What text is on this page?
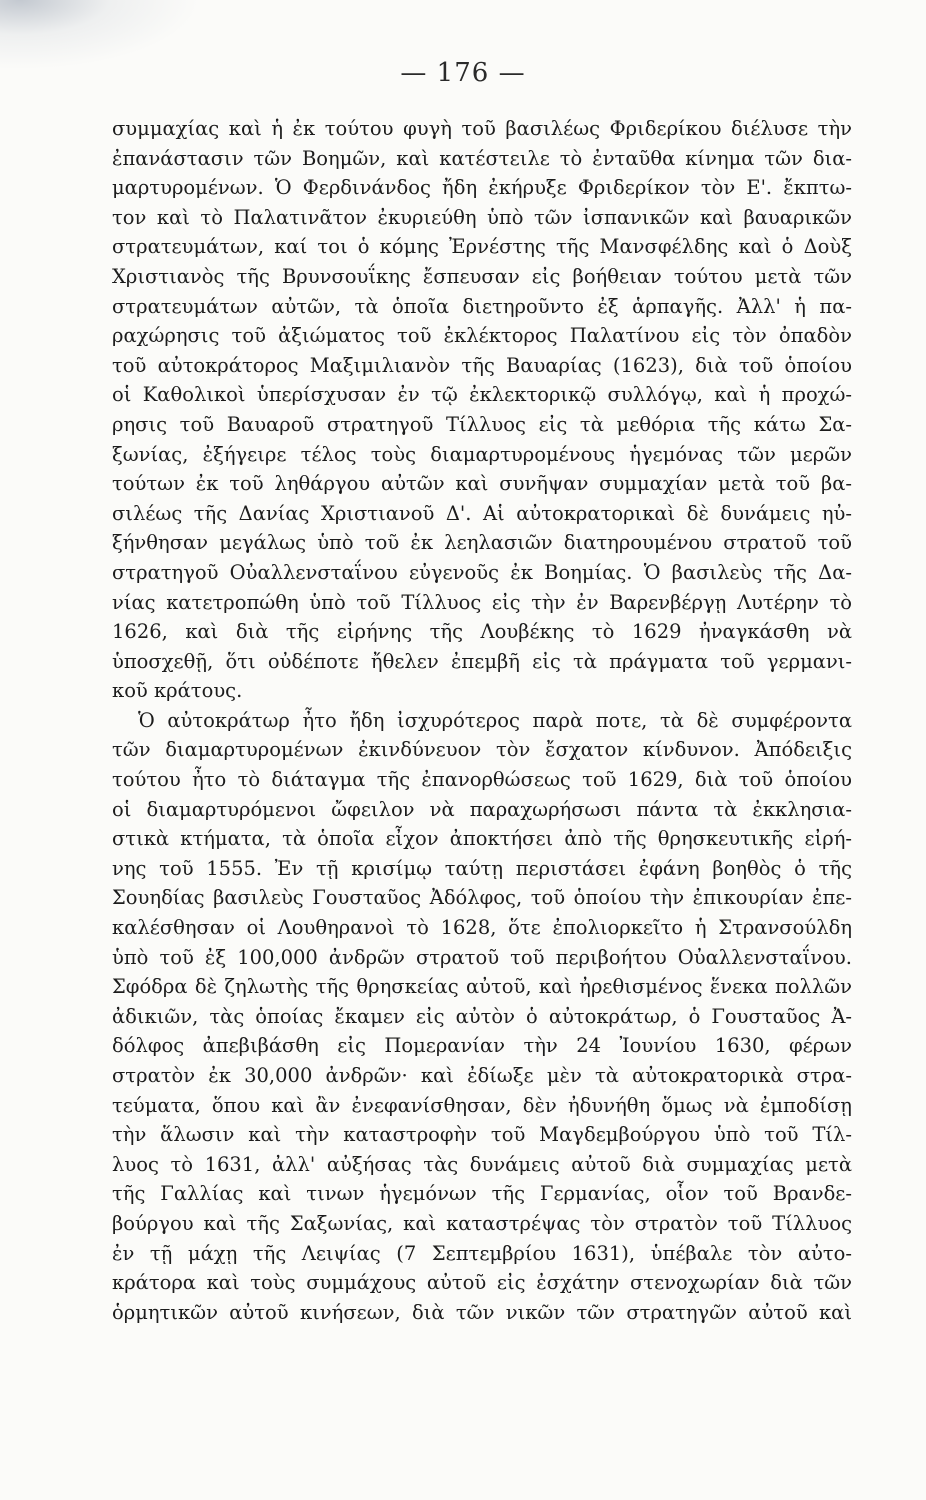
— 176 —
συμμαχίας καὶ ἡ ἐκ τούτου φυγὴ τοῦ βασιλέως Φριδερίκου διέλυσε τὴν
ἐπανάστασιν τῶν Βοημῶν, καὶ κατέστειλε τὸ ἐνταῦθα κίνημα τῶν δια-
μαρτυρομένων. Ὁ Φερδινάνδος ἤδη ἐκήρυξε Φριδερίκον τὸν Ε'. ἔκπτω-
τον καὶ τὸ Παλατινᾶτον ἐκυριεύθη ὑπὸ τῶν ἰσπανικῶν καὶ βαυαρικῶν
στρατευμάτων, καί τοι ὁ κόμης Ἐρνέστης τῆς Μανσφέλδης καὶ ὁ Δοὺξ
Χριστιανὸς τῆς Βρυνσουΐκης ἔσπευσαν εἰς βοήθειαν τούτου μετὰ τῶν
στρατευμάτων αὐτῶν, τὰ ὁποῖα διετηροῦντο ἐξ ἁρπαγῆς. Ἀλλ' ἡ πα-
ραχώρησις τοῦ ἀξιώματος τοῦ ἐκλέκτορος Παλατίνου εἰς τὸν ὀπαδὸν
τοῦ αὐτοκράτορος Μαξιμιλιανὸν τῆς Βαυαρίας (1623), διὰ τοῦ ὁποίου
οἱ Καθολικοὶ ὑπερίσχυσαν ἐν τῷ ἐκλεκτορικῷ συλλόγῳ, καὶ ἡ προχώ-
ρησις τοῦ Βαυαροῦ στρατηγοῦ Τίλλυος εἰς τὰ μεθόρια τῆς κάτω Σα-
ξωνίας, ἐξήγειρε τέλος τοὺς διαμαρτυρομένους ἡγεμόνας τῶν μερῶν
τούτων ἐκ τοῦ ληθάργου αὐτῶν καὶ συνῆψαν συμμαχίαν μετὰ τοῦ βα-
σιλέως τῆς Δανίας Χριστιανοῦ Δ'. Αἱ αὐτοκρατορικαὶ δὲ δυνάμεις ηὐ-
ξήνθησαν μεγάλως ὑπὸ τοῦ ἐκ λεηλασιῶν διατηρουμένου στρατοῦ τοῦ
στρατηγοῦ Οὐαλλενσταΐνου εὐγενοῦς ἐκ Βοημίας. Ὁ βασιλεὺς τῆς Δα-
νίας κατετροπώθη ὑπὸ τοῦ Τίλλυος εἰς τὴν ἐν Βαρενβέργῃ Λυτέρην τὸ
1626, καὶ διὰ τῆς εἰρήνης τῆς Λουβέκης τὸ 1629 ἠναγκάσθη νὰ
ὑποσχεθῇ, ὅτι οὐδέποτε ἤθελεν ἐπεμβῆ εἰς τὰ πράγματα τοῦ γερμανι-
κοῦ κράτους.
Ὁ αὐτοκράτωρ ἦτο ἤδη ἰσχυρότερος παρὰ ποτε, τὰ δὲ συμφέροντα
τῶν διαμαρτυρομένων ἐκινδύνευον τὸν ἔσχατον κίνδυνον. Ἀπόδειξις
τούτου ἦτο τὸ διάταγμα τῆς ἐπανορθώσεως τοῦ 1629, διὰ τοῦ ὁποίου
οἱ διαμαρτυρόμενοι ὤφειλον νὰ παραχωρήσωσι πάντα τὰ ἐκκλησια-
στικὰ κτήματα, τὰ ὁποῖα εἶχον ἀποκτήσει ἀπὸ τῆς θρησκευτικῆς εἰρή-
νης τοῦ 1555. Ἐν τῇ κρισίμῳ ταύτῃ περιστάσει ἐφάνη βοηθὸς ὁ τῆς
Σουηδίας βασιλεὺς Γουσταῦος Ἀδόλφος, τοῦ ὁποίου τὴν ἐπικουρίαν ἐπε-
καλέσθησαν οἱ Λουθηρανοὶ τὸ 1628, ὅτε ἐπολιορκεῖτο ἡ Στρανσούλδη
ὑπὸ τοῦ ἐξ 100,000 ἀνδρῶν στρατοῦ τοῦ περιβοήτου Οὐαλλενσταΐνου.
Σφόδρα δὲ ζηλωτὴς τῆς θρησκείας αὐτοῦ, καὶ ἠρεθισμένος ἕνεκα πολλῶν
ἀδικιῶν, τὰς ὁποίας ἔκαμεν εἰς αὐτὸν ὁ αὐτοκράτωρ, ὁ Γουσταῦος Ἀ-
δόλφος ἀπεβιβάσθη εἰς Πομερανίαν τὴν 24 Ἰουνίου 1630, φέρων
στρατὸν ἐκ 30,000 ἀνδρῶν· καὶ ἐδίωξε μὲν τὰ αὐτοκρατορικὰ στρα-
τεύματα, ὅπου καὶ ἂν ἐνεφανίσθησαν, δὲν ἠδυνήθη ὅμως νὰ ἐμποδίσῃ
τὴν ἅλωσιν καὶ τὴν καταστροφὴν τοῦ Μαγδεμβούργου ὑπὸ τοῦ Τίλ-
λυος τὸ 1631, ἀλλ' αὐξήσας τὰς δυνάμεις αὐτοῦ διὰ συμμαχίας μετὰ
τῆς Γαλλίας καὶ τινων ἡγεμόνων τῆς Γερμανίας, οἷον τοῦ Βρανδε-
βούργου καὶ τῆς Σαξωνίας, καὶ καταστρέψας τὸν στρατὸν τοῦ Τίλλυος
ἐν τῇ μάχῃ τῆς Λειψίας (7 Σεπτεμβρίου 1631), ὑπέβαλε τὸν αὐτο-
κράτορα καὶ τοὺς συμμάχους αὐτοῦ εἰς ἐσχάτην στενοχωρίαν διὰ τῶν
ὁρμητικῶν αὐτοῦ κινήσεων, διὰ τῶν νικῶν τῶν στρατηγῶν αὐτοῦ καὶ
